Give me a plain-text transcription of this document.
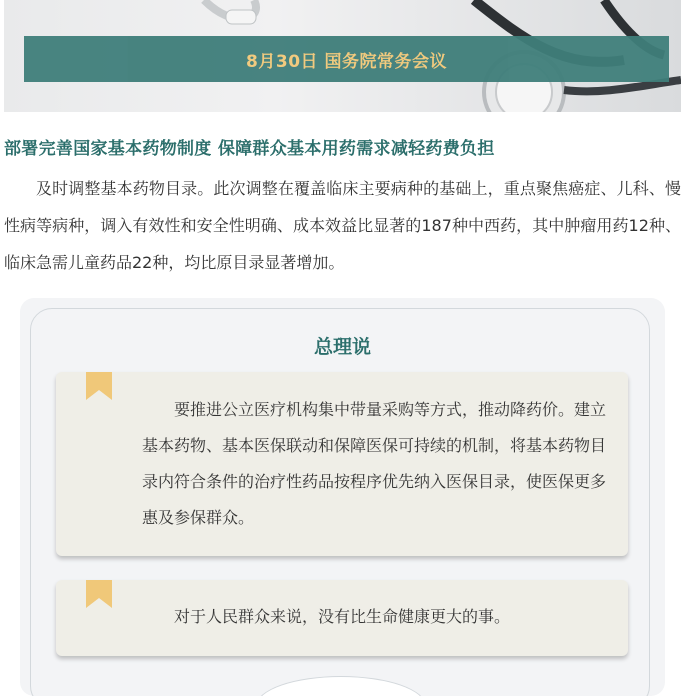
8月30日 国务院常务会议
部署完善国家基本药物制度 保障群众基本用药需求减轻药费负担
及时调整基本药物目录。此次调整在覆盖临床主要病种的基础上，重点聚焦癌症、儿科、慢性病等病种，调入有效性和安全性明确、成本效益比显著的187种中西药，其中肿瘤用药12种、临床急需儿童药品22种，均比原目录显著增加。
总理说
要推进公立医疗机构集中带量采购等方式，推动降药价。建立基本药物、基本医保联动和保障医保可持续的机制，将基本药物目录内符合条件的治疗性药品按程序优先纳入医保目录，使医保更多惠及参保群众。
对于人民群众来说，没有比生命健康更大的事。
